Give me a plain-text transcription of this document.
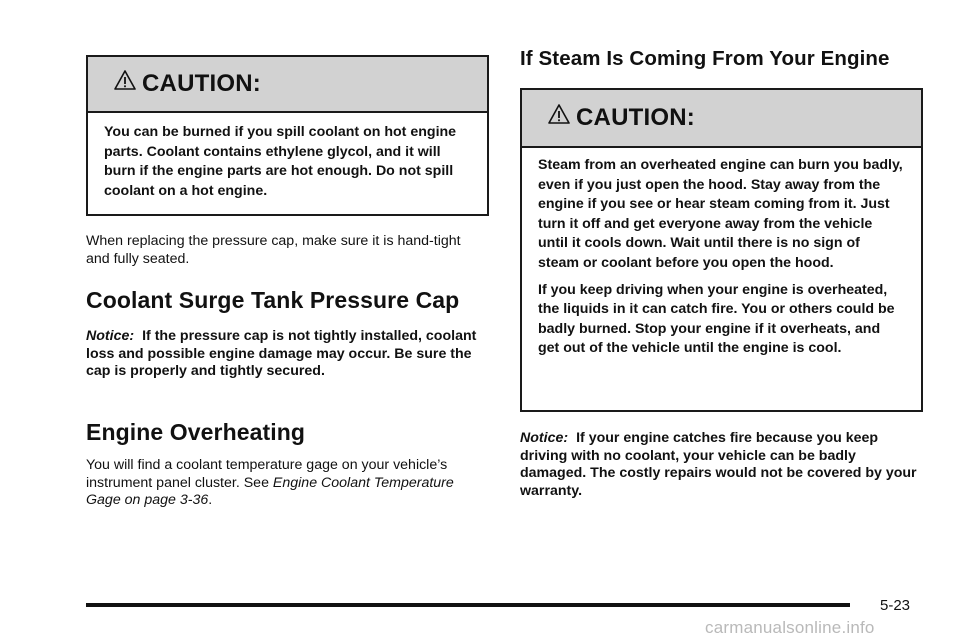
CAUTION:

You can be burned if you spill coolant on hot engine parts. Coolant contains ethylene glycol, and it will burn if the engine parts are hot enough. Do not spill coolant on a hot engine.

When replacing the pressure cap, make sure it is hand-tight and fully seated.

Coolant Surge Tank Pressure Cap

Notice: If the pressure cap is not tightly installed, coolant loss and possible engine damage may occur. Be sure the cap is properly and tightly secured.

Engine Overheating

You will find a coolant temperature gage on your vehicle’s instrument panel cluster. See Engine Coolant Temperature Gage on page 3-36.

If Steam Is Coming From Your Engine
CAUTION:

Steam from an overheated engine can burn you badly, even if you just open the hood. Stay away from the engine if you see or hear steam coming from it. Just turn it off and get everyone away from the vehicle until it cools down. Wait until there is no sign of steam or coolant before you open the hood.

If you keep driving when your engine is overheated, the liquids in it can catch fire. You or others could be badly burned. Stop your engine if it overheats, and get out of the vehicle until the engine is cool.

Notice: If your engine catches fire because you keep driving with no coolant, your vehicle can be badly damaged. The costly repairs would not be covered by your warranty.

5-23
carmanualsonline.info
